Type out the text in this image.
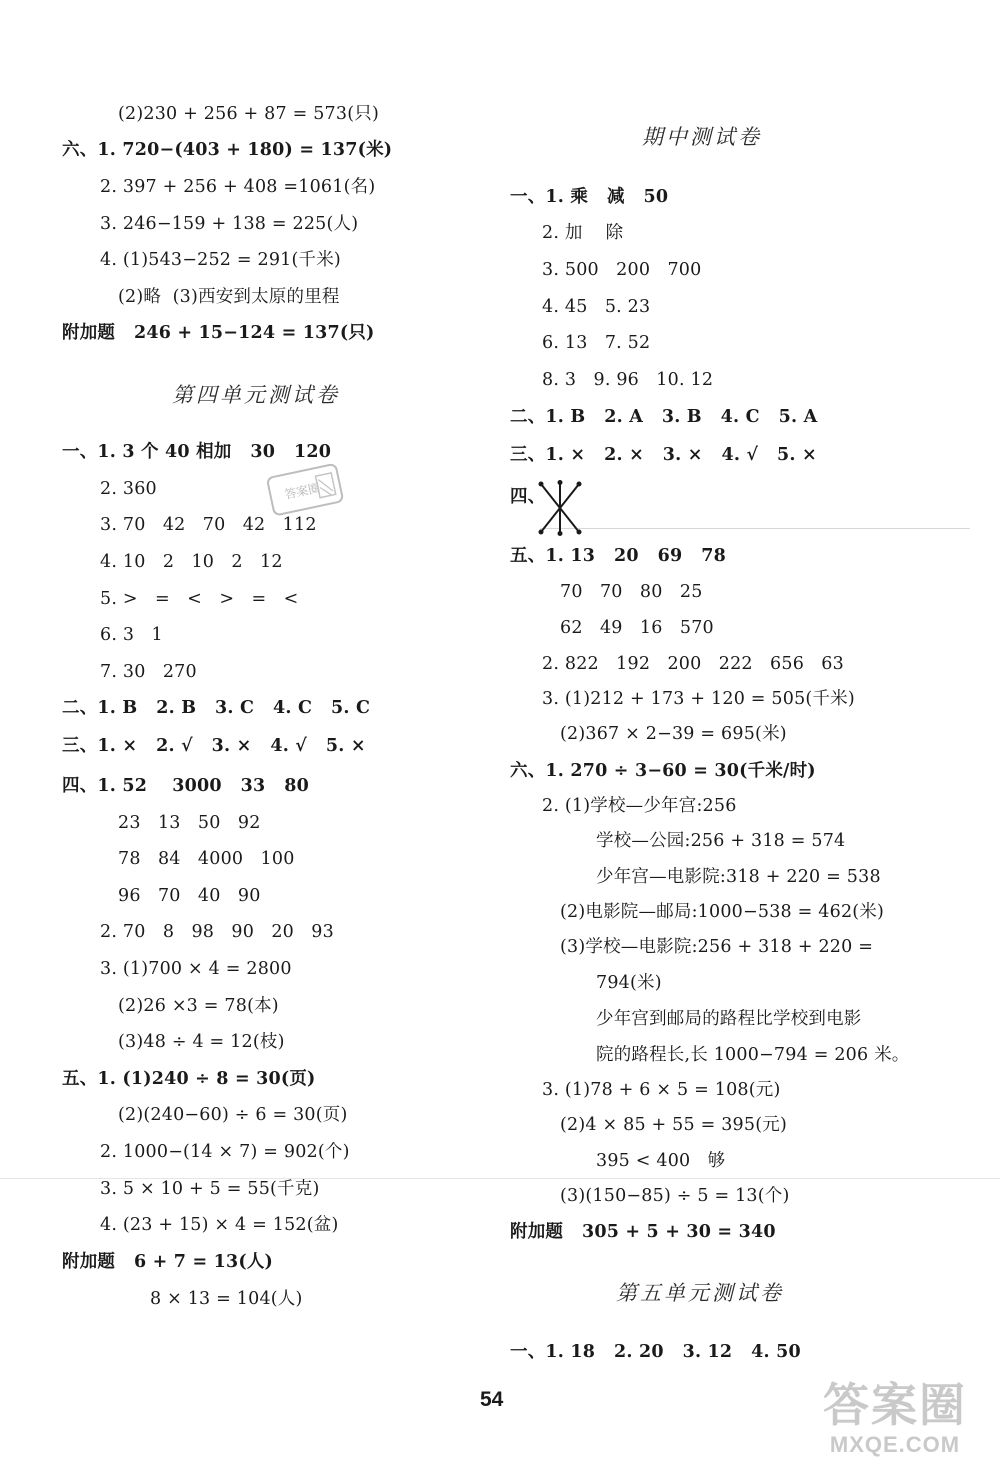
(2)230 + 256 + 87 = 573(只)
六、1. 720−(403 + 180) = 137(米)
2. 397 + 256 + 408 =1061(名)
3. 246−159 + 138 = 225(人)
4. (1)543−252 = 291(千米)
(2)略  (3)西安到太原的里程
附加题   246 + 15−124 = 137(只)
第四单元测试卷
一、1. 3 个 40 相加   30   120
2. 360
3. 70   42   70   42   112
4. 10   2   10   2   12
5. >   =   <   >   =   <
6. 3   1
7. 30   270
二、1. B   2. B   3. C   4. C   5. C
三、1. ×   2. √   3. ×   4. √   5. ×
四、1. 52    3000   33   80
23   13   50   92
78   84   4000   100
96   70   40   90
2. 70   8   98   90   20   93
3. (1)700 × 4 = 2800
(2)26 ×3 = 78(本)
(3)48 ÷ 4 = 12(枝)
五、1. (1)240 ÷ 8 = 30(页)
(2)(240−60) ÷ 6 = 30(页)
2. 1000−(14 × 7) = 902(个)
3. 5 × 10 + 5 = 55(千克)
4. (23 + 15) × 4 = 152(盆)
附加题   6 + 7 = 13(人)
8 × 13 = 104(人)
答案圈
期中测试卷
一、1. 乘   减   50
2. 加    除
3. 500   200   700
4. 45   5. 23
6. 13   7. 52
8. 3   9. 96   10. 12
二、1. B   2. A   3. B   4. C   5. A
三、1. ×   2. ×   3. ×   4. √   5. ×
四、
五、1. 13   20   69   78
70   70   80   25
62   49   16   570
2. 822   192   200   222   656   63
3. (1)212 + 173 + 120 = 505(千米)
(2)367 × 2−39 = 695(米)
六、1. 270 ÷ 3−60 = 30(千米/时)
2. (1)学校—少年宫:256
学校—公园:256 + 318 = 574
少年宫—电影院:318 + 220 = 538
(2)电影院—邮局:1000−538 = 462(米)
(3)学校—电影院:256 + 318 + 220 =
794(米)
少年宫到邮局的路程比学校到电影
院的路程长,长 1000−794 = 206 米。
3. (1)78 + 6 × 5 = 108(元)
(2)4 × 85 + 55 = 395(元)
395 < 400   够
(3)(150−85) ÷ 5 = 13(个)
附加题   305 + 5 + 30 = 340
第五单元测试卷
一、1. 18   2. 20   3. 12   4. 50
54	答案圈
MXQE.COM
